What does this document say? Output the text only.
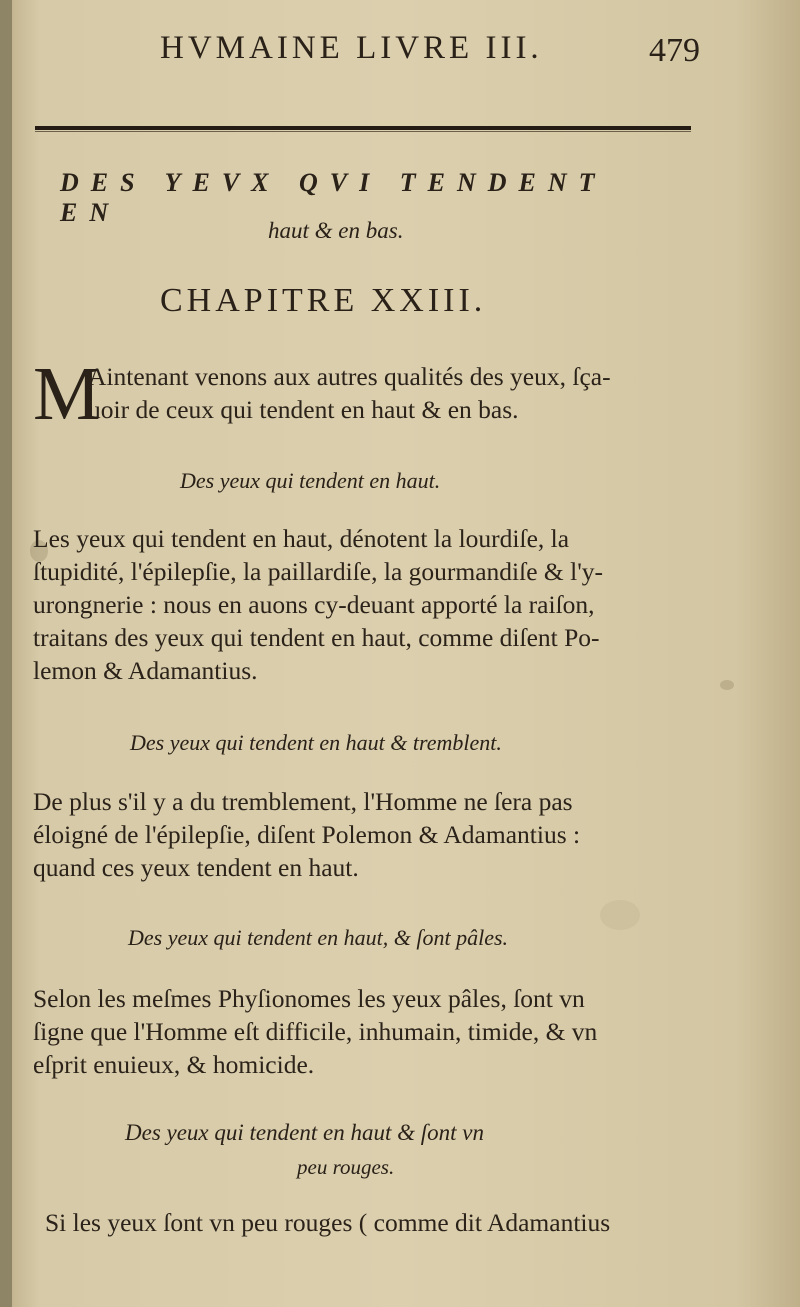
HVMAINE LIVRE III.	479
DES YEVX QVI TENDENT EN
haut & en bas.
CHAPITRE XXIII.
M
Aintenant venons aux autres qualités des yeux, ſça-
uoir de ceux qui tendent en haut & en bas.
Des yeux qui tendent en haut.
Les yeux qui tendent en haut, dénotent la lourdiſe, la
ſtupidité, l'épilepſie, la paillardiſe, la gourmandiſe & l'y-
urongnerie : nous en auons cy-deuant apporté la raiſon,
traitans des yeux qui tendent en haut, comme diſent Po-
lemon & Adamantius.
Des yeux qui tendent en haut & tremblent.
De plus s'il y a du tremblement, l'Homme ne ſera pas
éloigné de l'épilepſie, diſent Polemon & Adamantius :
quand ces yeux tendent en haut.
Des yeux qui tendent en haut, & ſont pâles.
Selon les meſmes Phyſionomes les yeux pâles, ſont vn
ſigne que l'Homme eſt difficile, inhumain, timide, & vn
eſprit enuieux, & homicide.
Des yeux qui tendent en haut & ſont vn
peu rouges.
Si les yeux ſont vn peu rouges ( comme dit Adamantius
